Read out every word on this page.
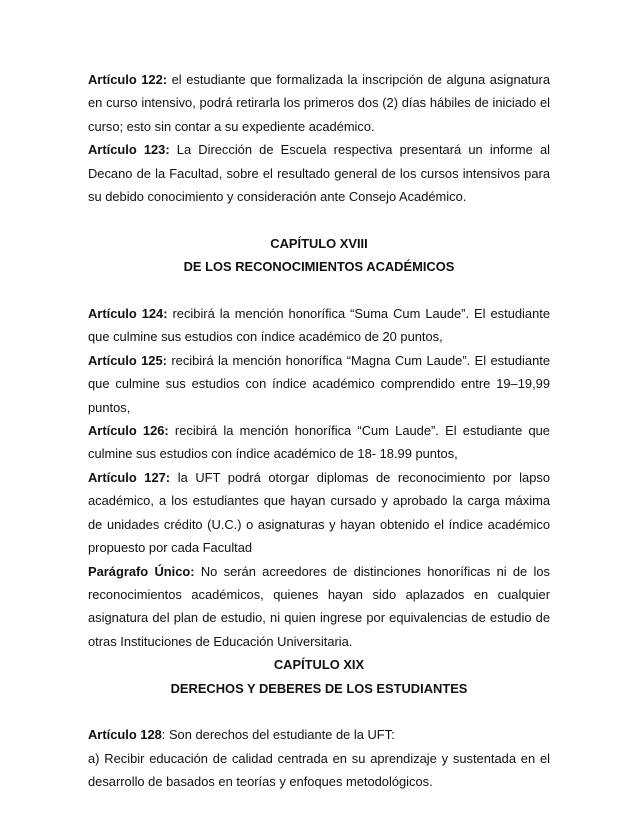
Artículo 122: el estudiante que formalizada la inscripción de alguna asignatura en curso intensivo, podrá retirarla los primeros dos (2) días hábiles de iniciado el curso; esto sin contar a su expediente académico.

Artículo 123: La Dirección de Escuela respectiva presentará un informe al Decano de la Facultad, sobre el resultado general de los cursos intensivos para su debido conocimiento y consideración ante Consejo Académico.

CAPÍTULO XVIII

DE LOS RECONOCIMIENTOS ACADÉMICOS

Artículo 124: recibirá la mención honorífica “Suma Cum Laude”. El estudiante que culmine sus estudios con índice académico de 20 puntos,

Artículo 125: recibirá la mención honorífica “Magna Cum Laude”. El estudiante que culmine sus estudios con índice académico comprendido entre 19–19,99 puntos,

Artículo 126: recibirá la mención honorífica “Cum Laude”. El estudiante que culmine sus estudios con índice académico de 18- 18.99 puntos,

Artículo 127: la UFT podrá otorgar diplomas de reconocimiento por lapso académico, a los estudiantes que hayan cursado y aprobado la carga máxima de unidades crédito (U.C.) o asignaturas y hayan obtenido el índice académico propuesto por cada Facultad

Parágrafo Único: No serán acreedores de distinciones honoríficas ni de los reconocimientos académicos, quienes hayan sido aplazados en cualquier asignatura del plan de estudio, ni quien ingrese por equivalencias de estudio de otras Instituciones de Educación Universitaria.

CAPÍTULO XIX

DERECHOS Y DEBERES DE LOS ESTUDIANTES

Artículo 128: Son derechos del estudiante de la UFT:

a) Recibir educación de calidad centrada en su aprendizaje y sustentada en el desarrollo de basados en teorías y enfoques metodológicos.
